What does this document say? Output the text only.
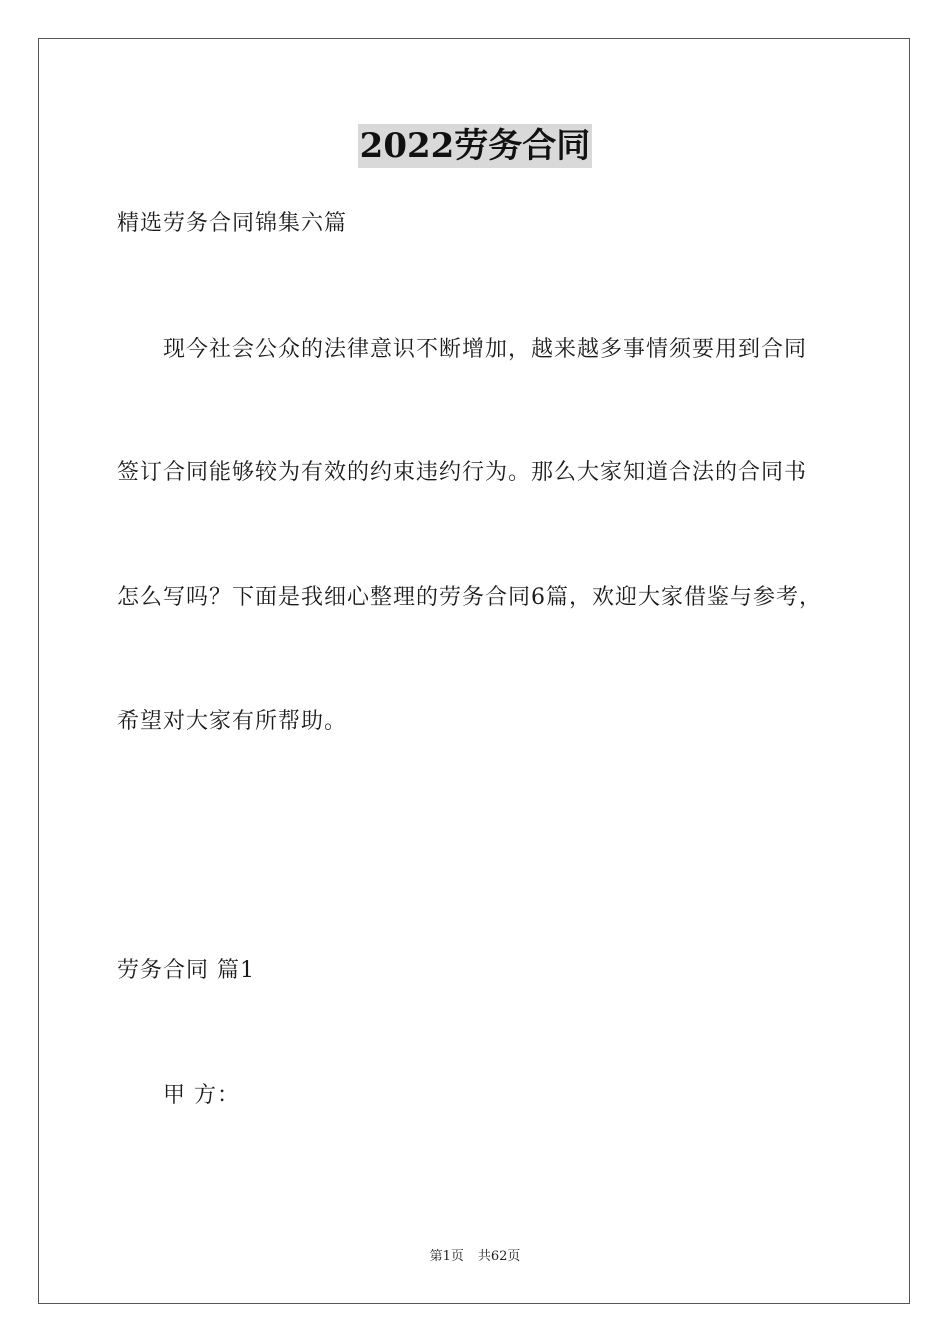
2022劳务合同
精选劳务合同锦集六篇
现今社会公众的法律意识不断增加，越来越多事情须要用到合同
签订合同能够较为有效的约束违约行为。那么大家知道合法的合同书
怎么写吗？下面是我细心整理的劳务合同6篇，欢迎大家借鉴与参考，
希望对大家有所帮助。
劳务合同 篇1
甲 方：
第1页 共62页
